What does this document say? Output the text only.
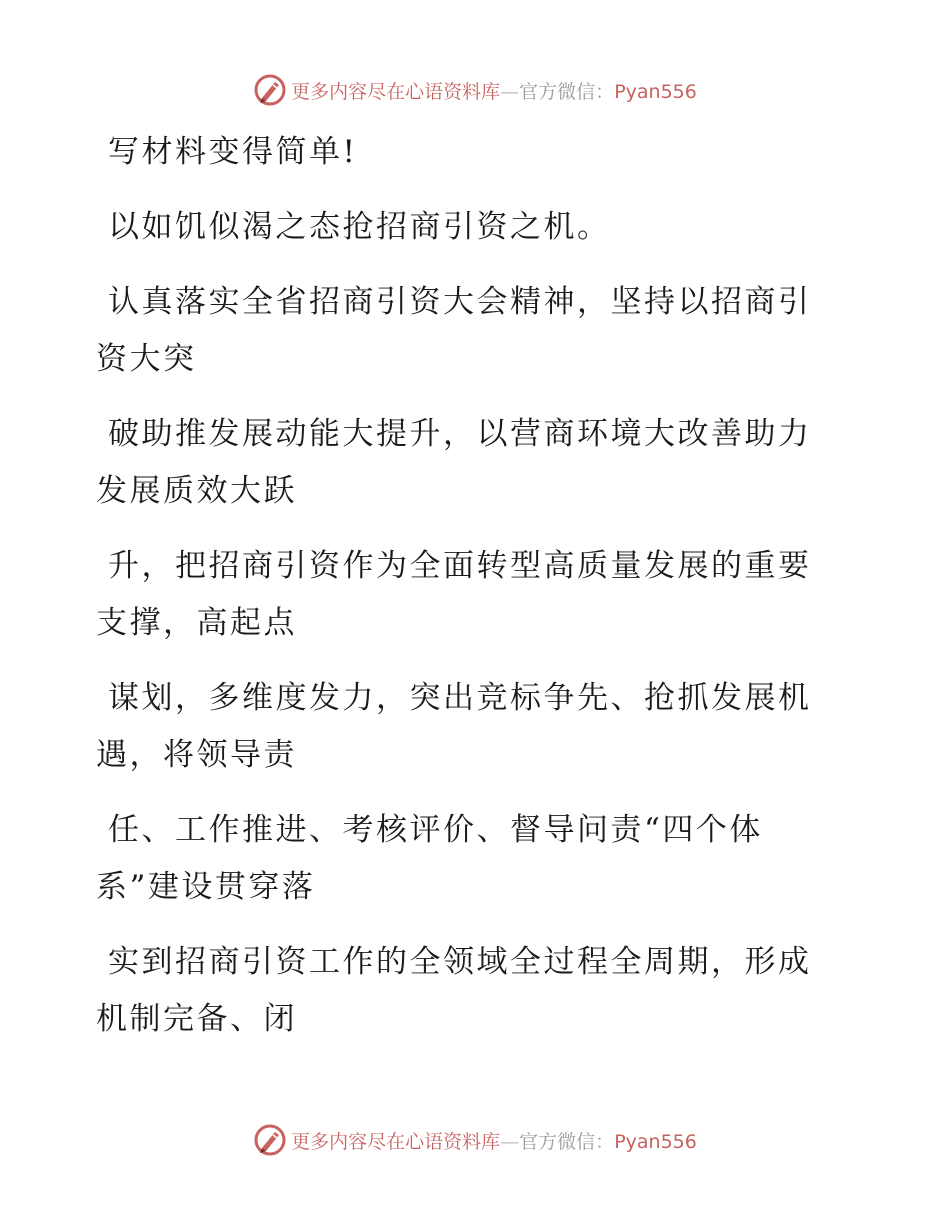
更多内容尽在心语资料库—官方微信：Pyan556

写材料变得简单!

以如饥似渴之态抢招商引资之机。

认真落实全省招商引资大会精神，坚持以招商引资大突

破助推发展动能大提升，以营商环境大改善助力发展质效大跃

升，把招商引资作为全面转型高质量发展的重要支撑，高起点

谋划，多维度发力，突出竞标争先、抢抓发展机遇，将领导责

任、工作推进、考核评价、督导问责“四个体系”建设贯穿落

实到招商引资工作的全领域全过程全周期，形成机制完备、闭

更多内容尽在心语资料库—官方微信：Pyan556
